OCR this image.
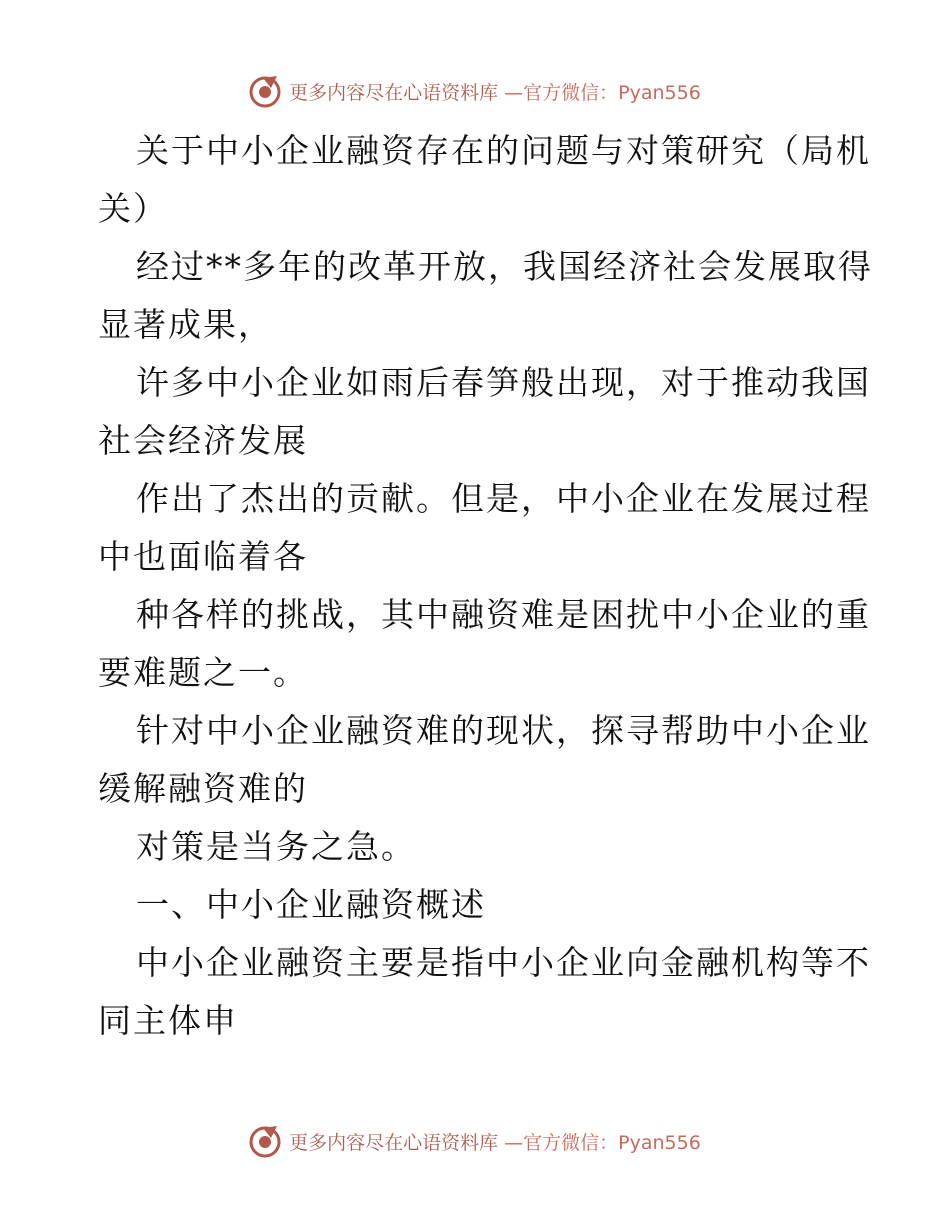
更多内容尽在心语资料库 —官方微信：Pyan556
关于中小企业融资存在的问题与对策研究（局机
关）
经过**多年的改革开放，我国经济社会发展取得
显著成果，
许多中小企业如雨后春笋般出现，对于推动我国
社会经济发展
作出了杰出的贡献。但是，中小企业在发展过程
中也面临着各
种各样的挑战，其中融资难是困扰中小企业的重
要难题之一。
针对中小企业融资难的现状，探寻帮助中小企业
缓解融资难的
对策是当务之急。
一、中小企业融资概述
中小企业融资主要是指中小企业向金融机构等不
同主体申
更多内容尽在心语资料库 —官方微信：Pyan556
